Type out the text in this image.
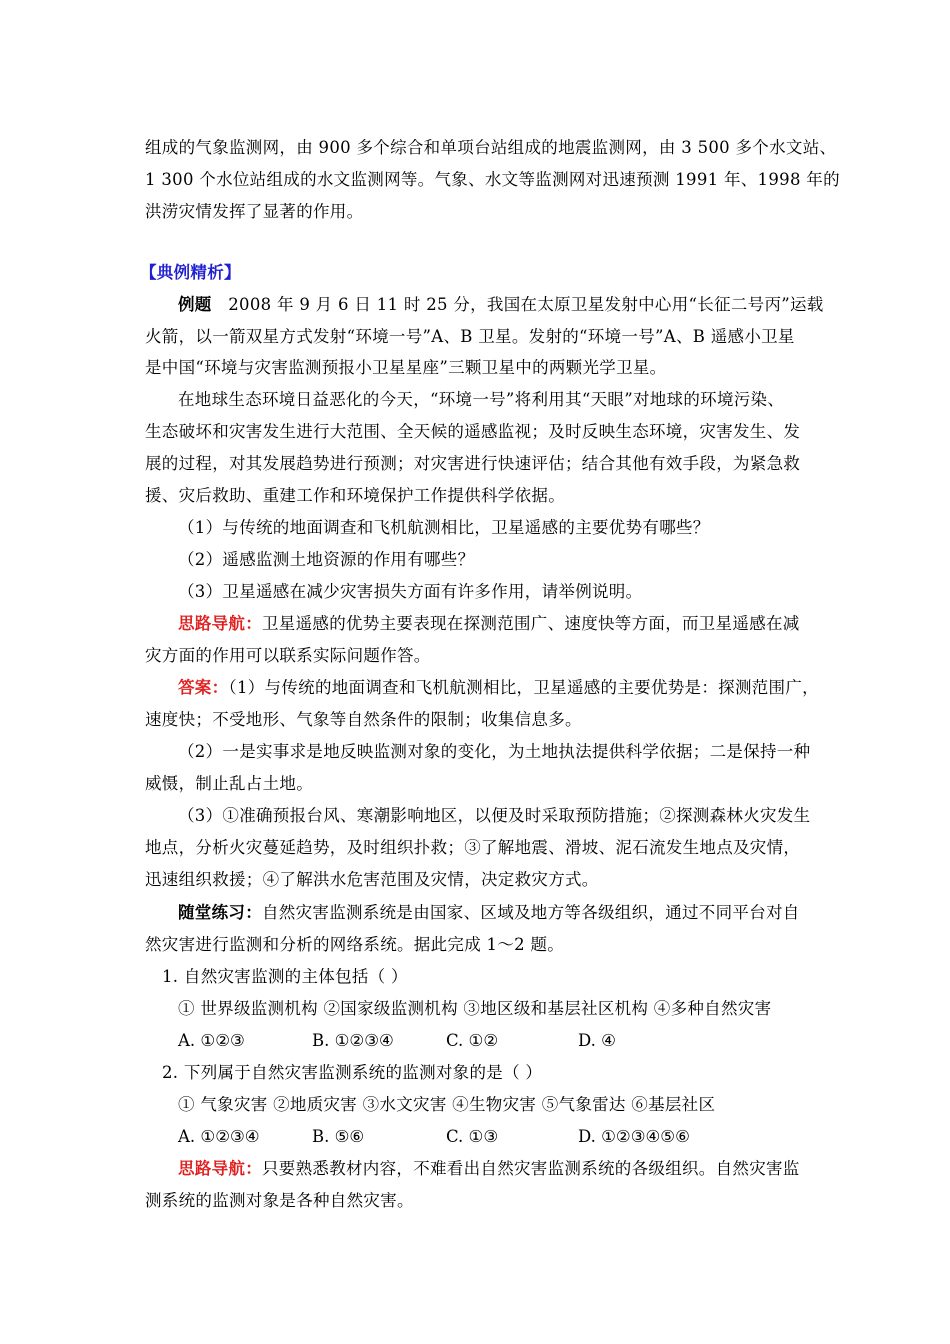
组成的气象监测网，由 900 多个综合和单项台站组成的地震监测网，由 3 500 多个水文站、
1 300 个水位站组成的水文监测网等。气象、水文等监测网对迅速预测 1991 年、1998 年的
洪涝灾情发挥了显著的作用。
【典例精析】
例题 2008 年 9 月 6 日 11 时 25 分，我国在太原卫星发射中心用“长征二号丙”运载
火箭，以一箭双星方式发射“环境一号”A、B 卫星。发射的“环境一号”A、B 遥感小卫星
是中国“环境与灾害监测预报小卫星星座”三颗卫星中的两颗光学卫星。
在地球生态环境日益恶化的今天，“环境一号”将利用其“天眼”对地球的环境污染、
生态破坏和灾害发生进行大范围、全天候的遥感监视；及时反映生态环境，灾害发生、发
展的过程，对其发展趋势进行预测；对灾害进行快速评估；结合其他有效手段，为紧急救
援、灾后救助、重建工作和环境保护工作提供科学依据。
（1）与传统的地面调查和飞机航测相比，卫星遥感的主要优势有哪些？
（2）遥感监测土地资源的作用有哪些？
（3）卫星遥感在减少灾害损失方面有许多作用，请举例说明。
思路导航：卫星遥感的优势主要表现在探测范围广、速度快等方面，而卫星遥感在减
灾方面的作用可以联系实际问题作答。
答案：（1）与传统的地面调查和飞机航测相比，卫星遥感的主要优势是：探测范围广，
速度快；不受地形、气象等自然条件的限制；收集信息多。
（2）一是实事求是地反映监测对象的变化，为土地执法提供科学依据；二是保持一种
威慑，制止乱占土地。
（3）①准确预报台风、寒潮影响地区，以便及时采取预防措施；②探测森林火灾发生
地点，分析火灾蔓延趋势，及时组织扑救；③了解地震、滑坡、泥石流发生地点及灾情，
迅速组织救援；④了解洪水危害范围及灾情，决定救灾方式。
随堂练习：自然灾害监测系统是由国家、区域及地方等各级组织，通过不同平台对自
然灾害进行监测和分析的网络系统。据此完成 1～2 题。
1. 自然灾害监测的主体包括（ ）
① 世界级监测机构 ②国家级监测机构 ③地区级和基层社区机构 ④多种自然灾害
A. ①②③	B. ①②③④	C. ①②	D. ④
2. 下列属于自然灾害监测系统的监测对象的是（ ）
① 气象灾害 ②地质灾害 ③水文灾害 ④生物灾害 ⑤气象雷达 ⑥基层社区
A. ①②③④	B. ⑤⑥	C. ①③	D. ①②③④⑤⑥
思路导航：只要熟悉教材内容，不难看出自然灾害监测系统的各级组织。自然灾害监
测系统的监测对象是各种自然灾害。
